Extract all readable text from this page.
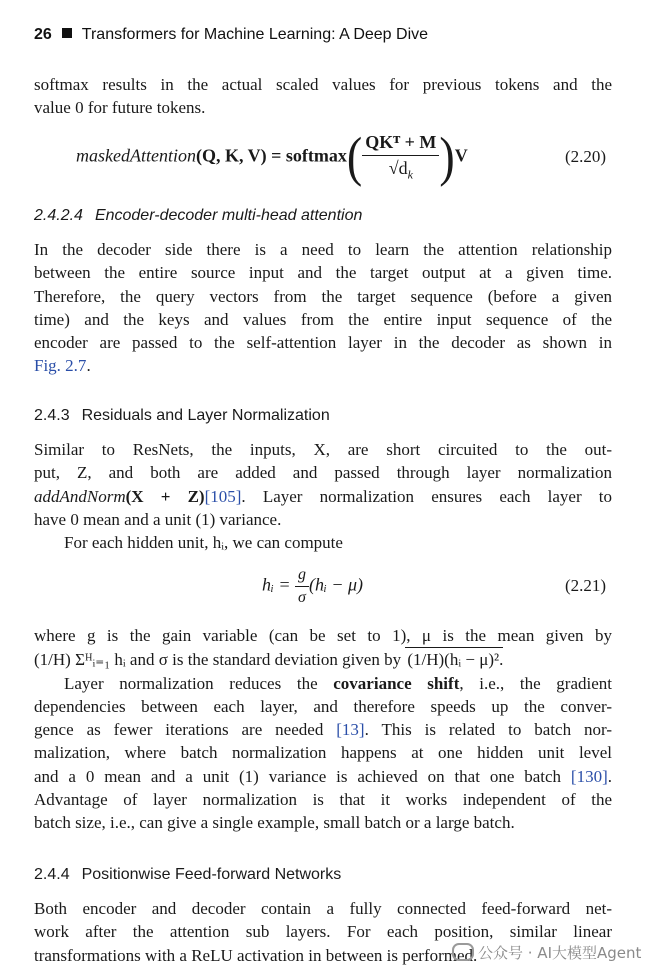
26 Transformers for Machine Learning: A Deep Dive
softmax results in the actual scaled values for previous tokens and the
value 0 for future tokens.
maskedAttention(Q, K, V) = softmax( $\frac{\text{QKᵀ + M}}{√d_k} )V$	(2.20)
2.4.2.4 Encoder-decoder multi-head attention
In the decoder side there is a need to learn the attention relationship
between the entire source input and the target output at a given time.
Therefore, the query vectors from the target sequence (before a given
time) and the keys and values from the entire input sequence of the
encoder are passed to the self-attention layer in the decoder as shown in
Fig. 2.7.
2.4.3 Residuals and Layer Normalization
Similar to ResNets, the inputs, X, are short circuited to the out-
put, Z, and both are added and passed through layer normalization
addAndNorm(X + Z)[105]. Layer normalization ensures each layer to
have 0 mean and a unit (1) variance.
For each hidden unit, hᵢ, we can compute
hᵢ = $\frac{g}{\sigma}$ (hᵢ − μ)	(2.21)
where g is the gain variable (can be set to 1), μ is the mean given by
(1/H) Σᴴᵢ₌₁ hᵢ and σ is the standard deviation given by (1/H)(hᵢ − μ)².
Layer normalization reduces the covariance shift, i.e., the gradient
dependencies between each layer, and therefore speeds up the conver-
gence as fewer iterations are needed [13]. This is related to batch nor-
malization, where batch normalization happens at one hidden unit level
and a 0 mean and a unit (1) variance is achieved on that one batch [130].
Advantage of layer normalization is that it works independent of the
batch size, i.e., can give a single example, small batch or a large batch.
2.4.4 Positionwise Feed-forward Networks
Both encoder and decoder contain a fully connected feed-forward net-
work after the attention sub layers. For each position, similar linear
transformations with a ReLU activation in between is performed. 公众号 · AI大模型Agent
